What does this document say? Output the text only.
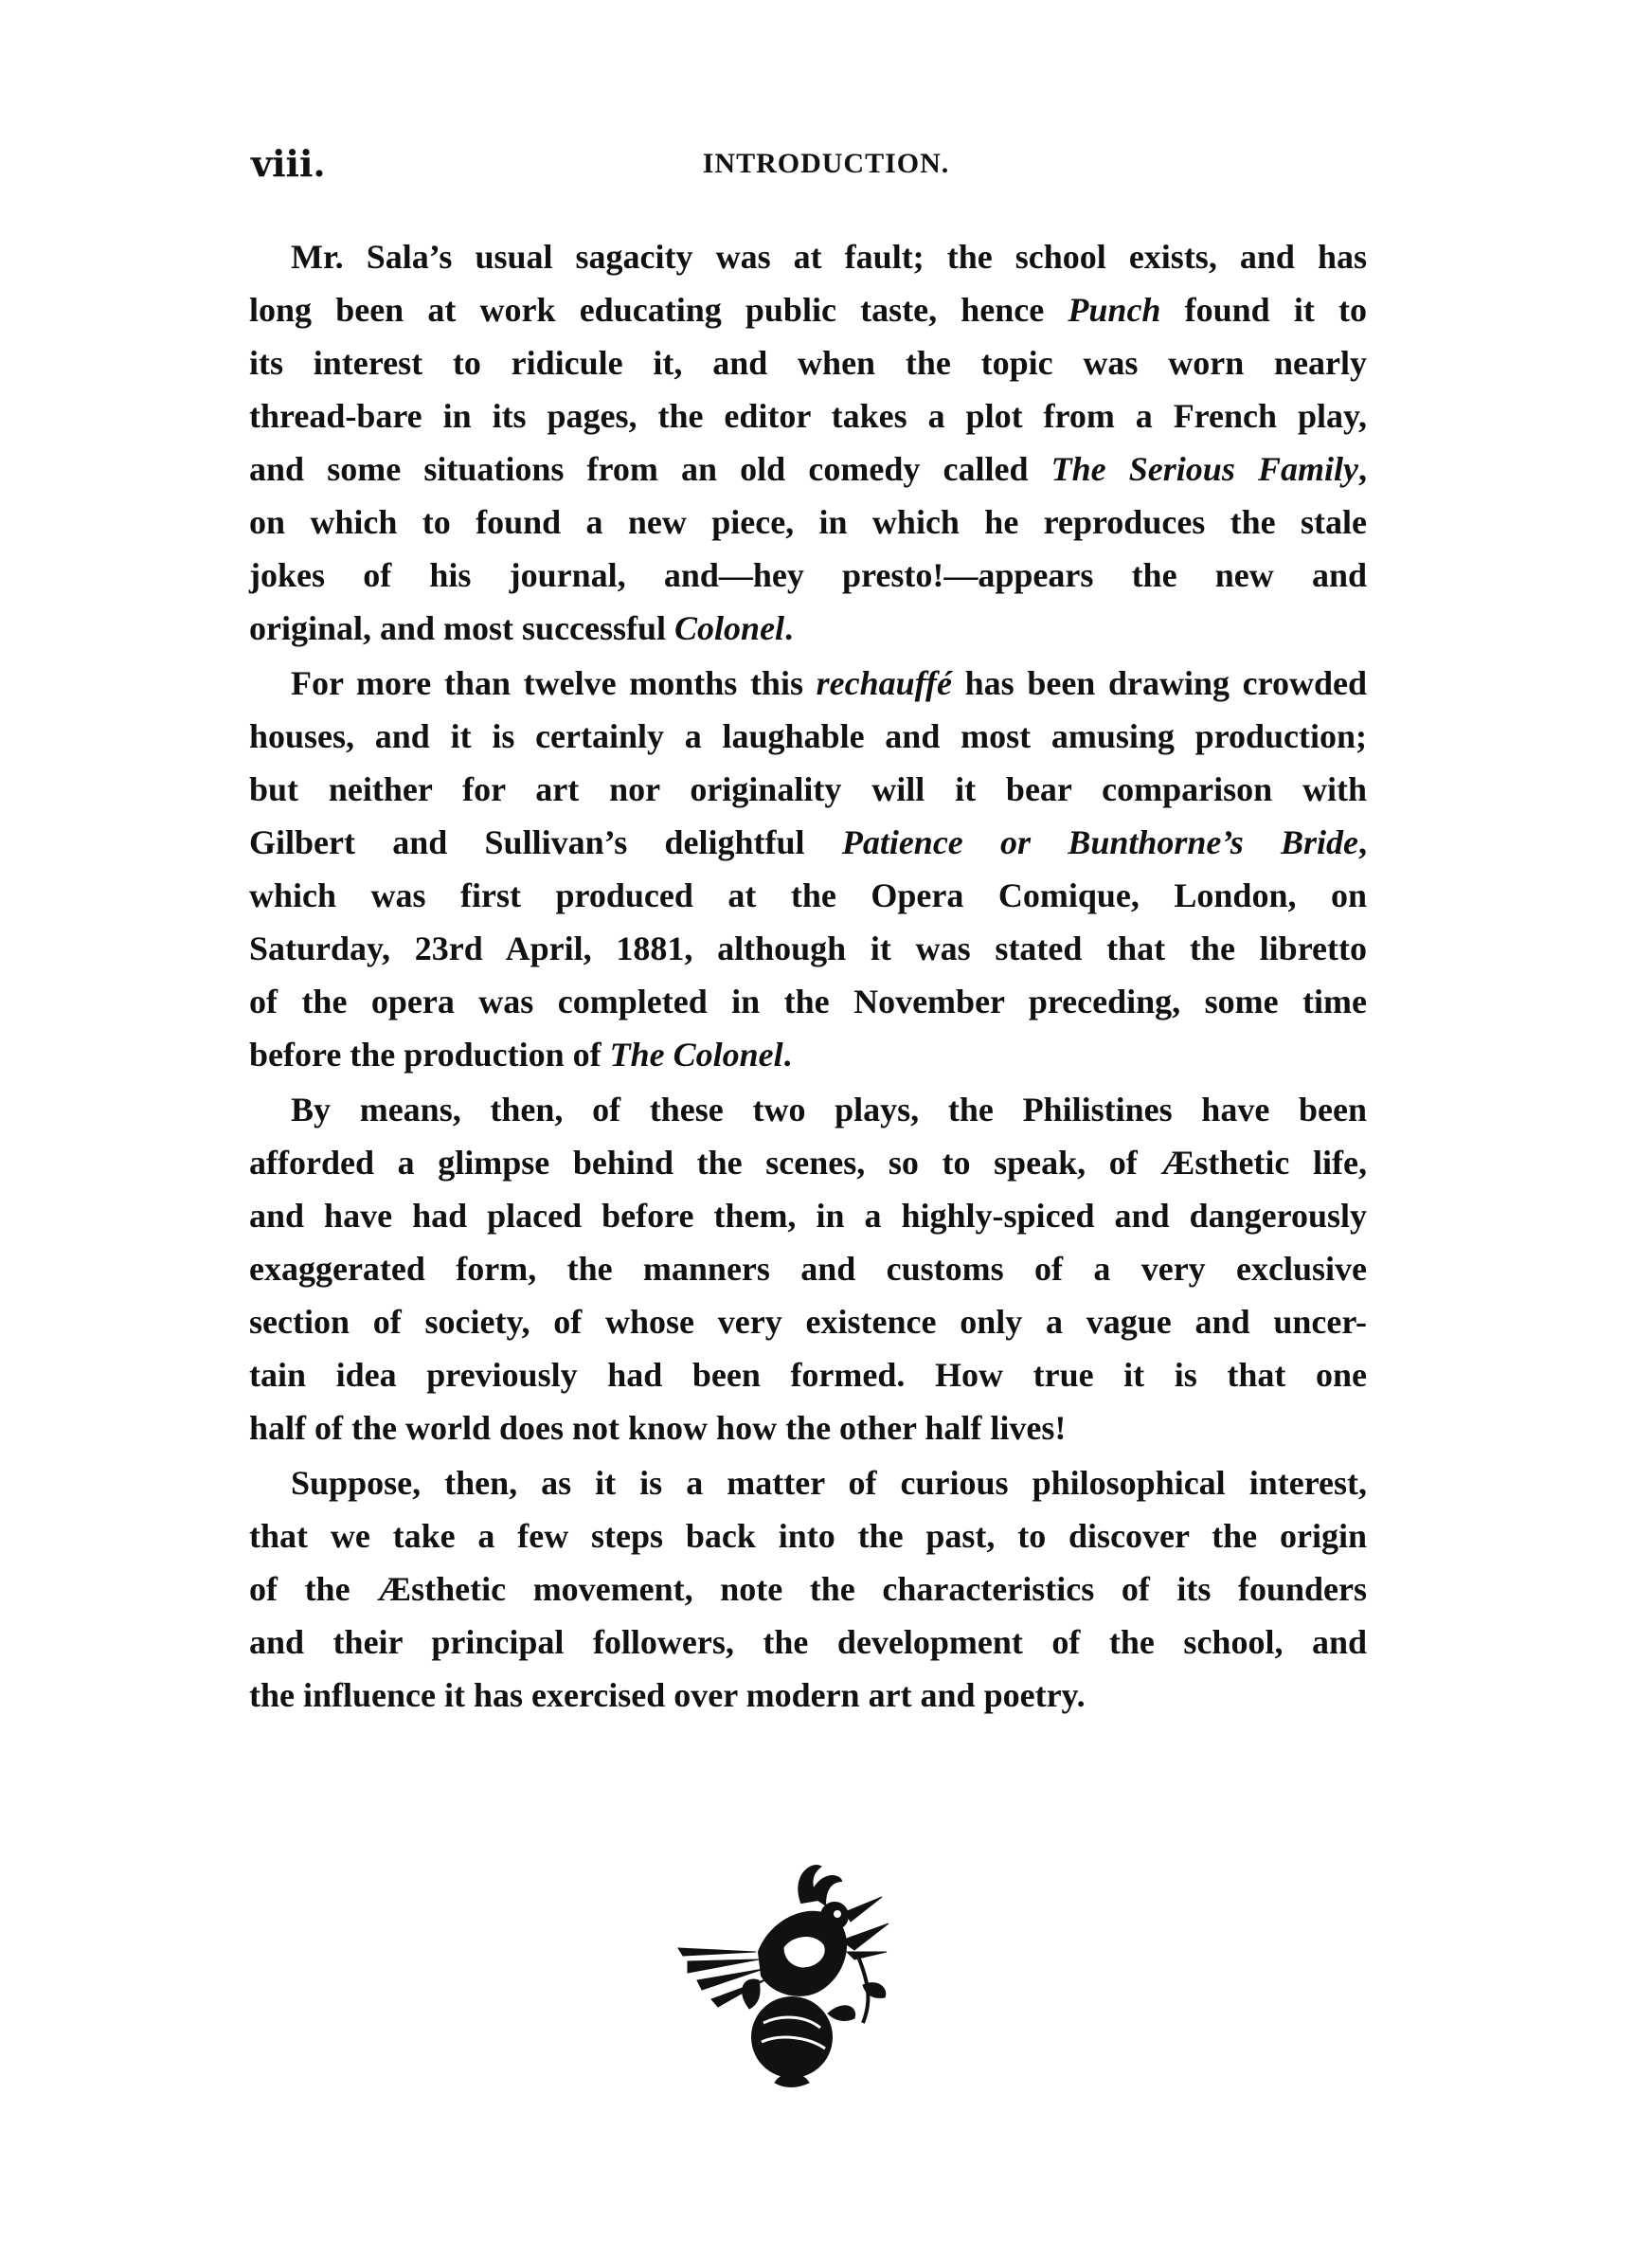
viii.	INTRODUCTION.
Mr. Sala’s usual sagacity was at fault; the school exists, and has
long been at work educating public taste, hence Punch found it to
its interest to ridicule it, and when the topic was worn nearly
thread-bare in its pages, the editor takes a plot from a French play,
and some situations from an old comedy called The Serious Family,
on which to found a new piece, in which he reproduces the stale
jokes of his journal, and—hey presto!—appears the new and
original, and most successful Colonel.
For more than twelve months this rechauffé has been drawing crowded
houses, and it is certainly a laughable and most amusing production;
but neither for art nor originality will it bear comparison with
Gilbert and Sullivan’s delightful Patience or Bunthorne’s Bride,
which was first produced at the Opera Comique, London, on
Saturday, 23rd April, 1881, although it was stated that the libretto
of the opera was completed in the November preceding, some time
before the production of The Colonel.
By means, then, of these two plays, the Philistines have been
afforded a glimpse behind the scenes, so to speak, of Æsthetic life,
and have had placed before them, in a highly-spiced and dangerously
exaggerated form, the manners and customs of a very exclusive
section of society, of whose very existence only a vague and uncer-
tain idea previously had been formed. How true it is that one
half of the world does not know how the other half lives!
Suppose, then, as it is a matter of curious philosophical interest,
that we take a few steps back into the past, to discover the origin
of the Æsthetic movement, note the characteristics of its founders
and their principal followers, the development of the school, and
the influence it has exercised over modern art and poetry.
